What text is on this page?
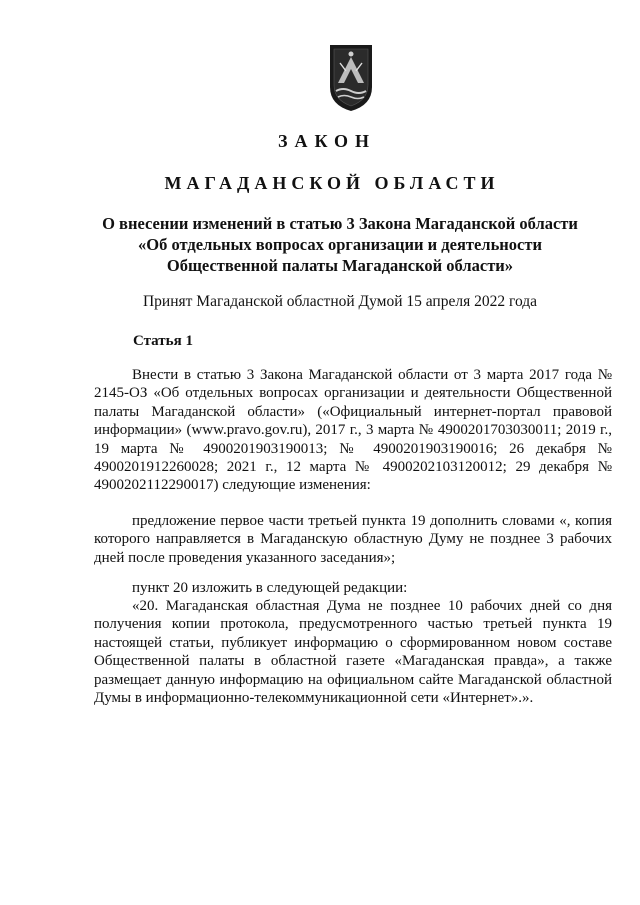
ЗАКОН
МАГАДАНСКОЙ ОБЛАСТИ
О внесении изменений в статью 3 Закона Магаданской области
«Об отдельных вопросах организации и деятельности
Общественной палаты Магаданской области»
Принят Магаданской областной Думой 15 апреля 2022 года
Статья 1

Внести в статью 3 Закона Магаданской области от 3 марта 2017 года № 2145-ОЗ «Об отдельных вопросах организации и деятельности Общественной палаты Магаданской области» («Официальный интернет-портал правовой информации» (www.pravo.gov.ru), 2017 г., 3 марта № 4900201703030011; 2019 г., 19 марта № 4900201903190013; № 4900201903190016; 26 декабря № 4900201912260028; 2021 г., 12 марта № 4900202103120012; 29 декабря № 4900202112290017) следующие изменения:

предложение первое части третьей пункта 19 дополнить словами «, копия которого направляется в Магаданскую областную Думу не позднее 3 рабочих дней после проведения указанного заседания»;

пункт 20 изложить в следующей редакции:

«20. Магаданская областная Дума не позднее 10 рабочих дней со дня получения копии протокола, предусмотренного частью третьей пункта 19 настоящей статьи, публикует информацию о сформированном новом составе Общественной палаты в областной газете «Магаданская правда», а также размещает данную информацию на официальном сайте Магаданской областной Думы в информационно-телекоммуникационной сети «Интернет».».
